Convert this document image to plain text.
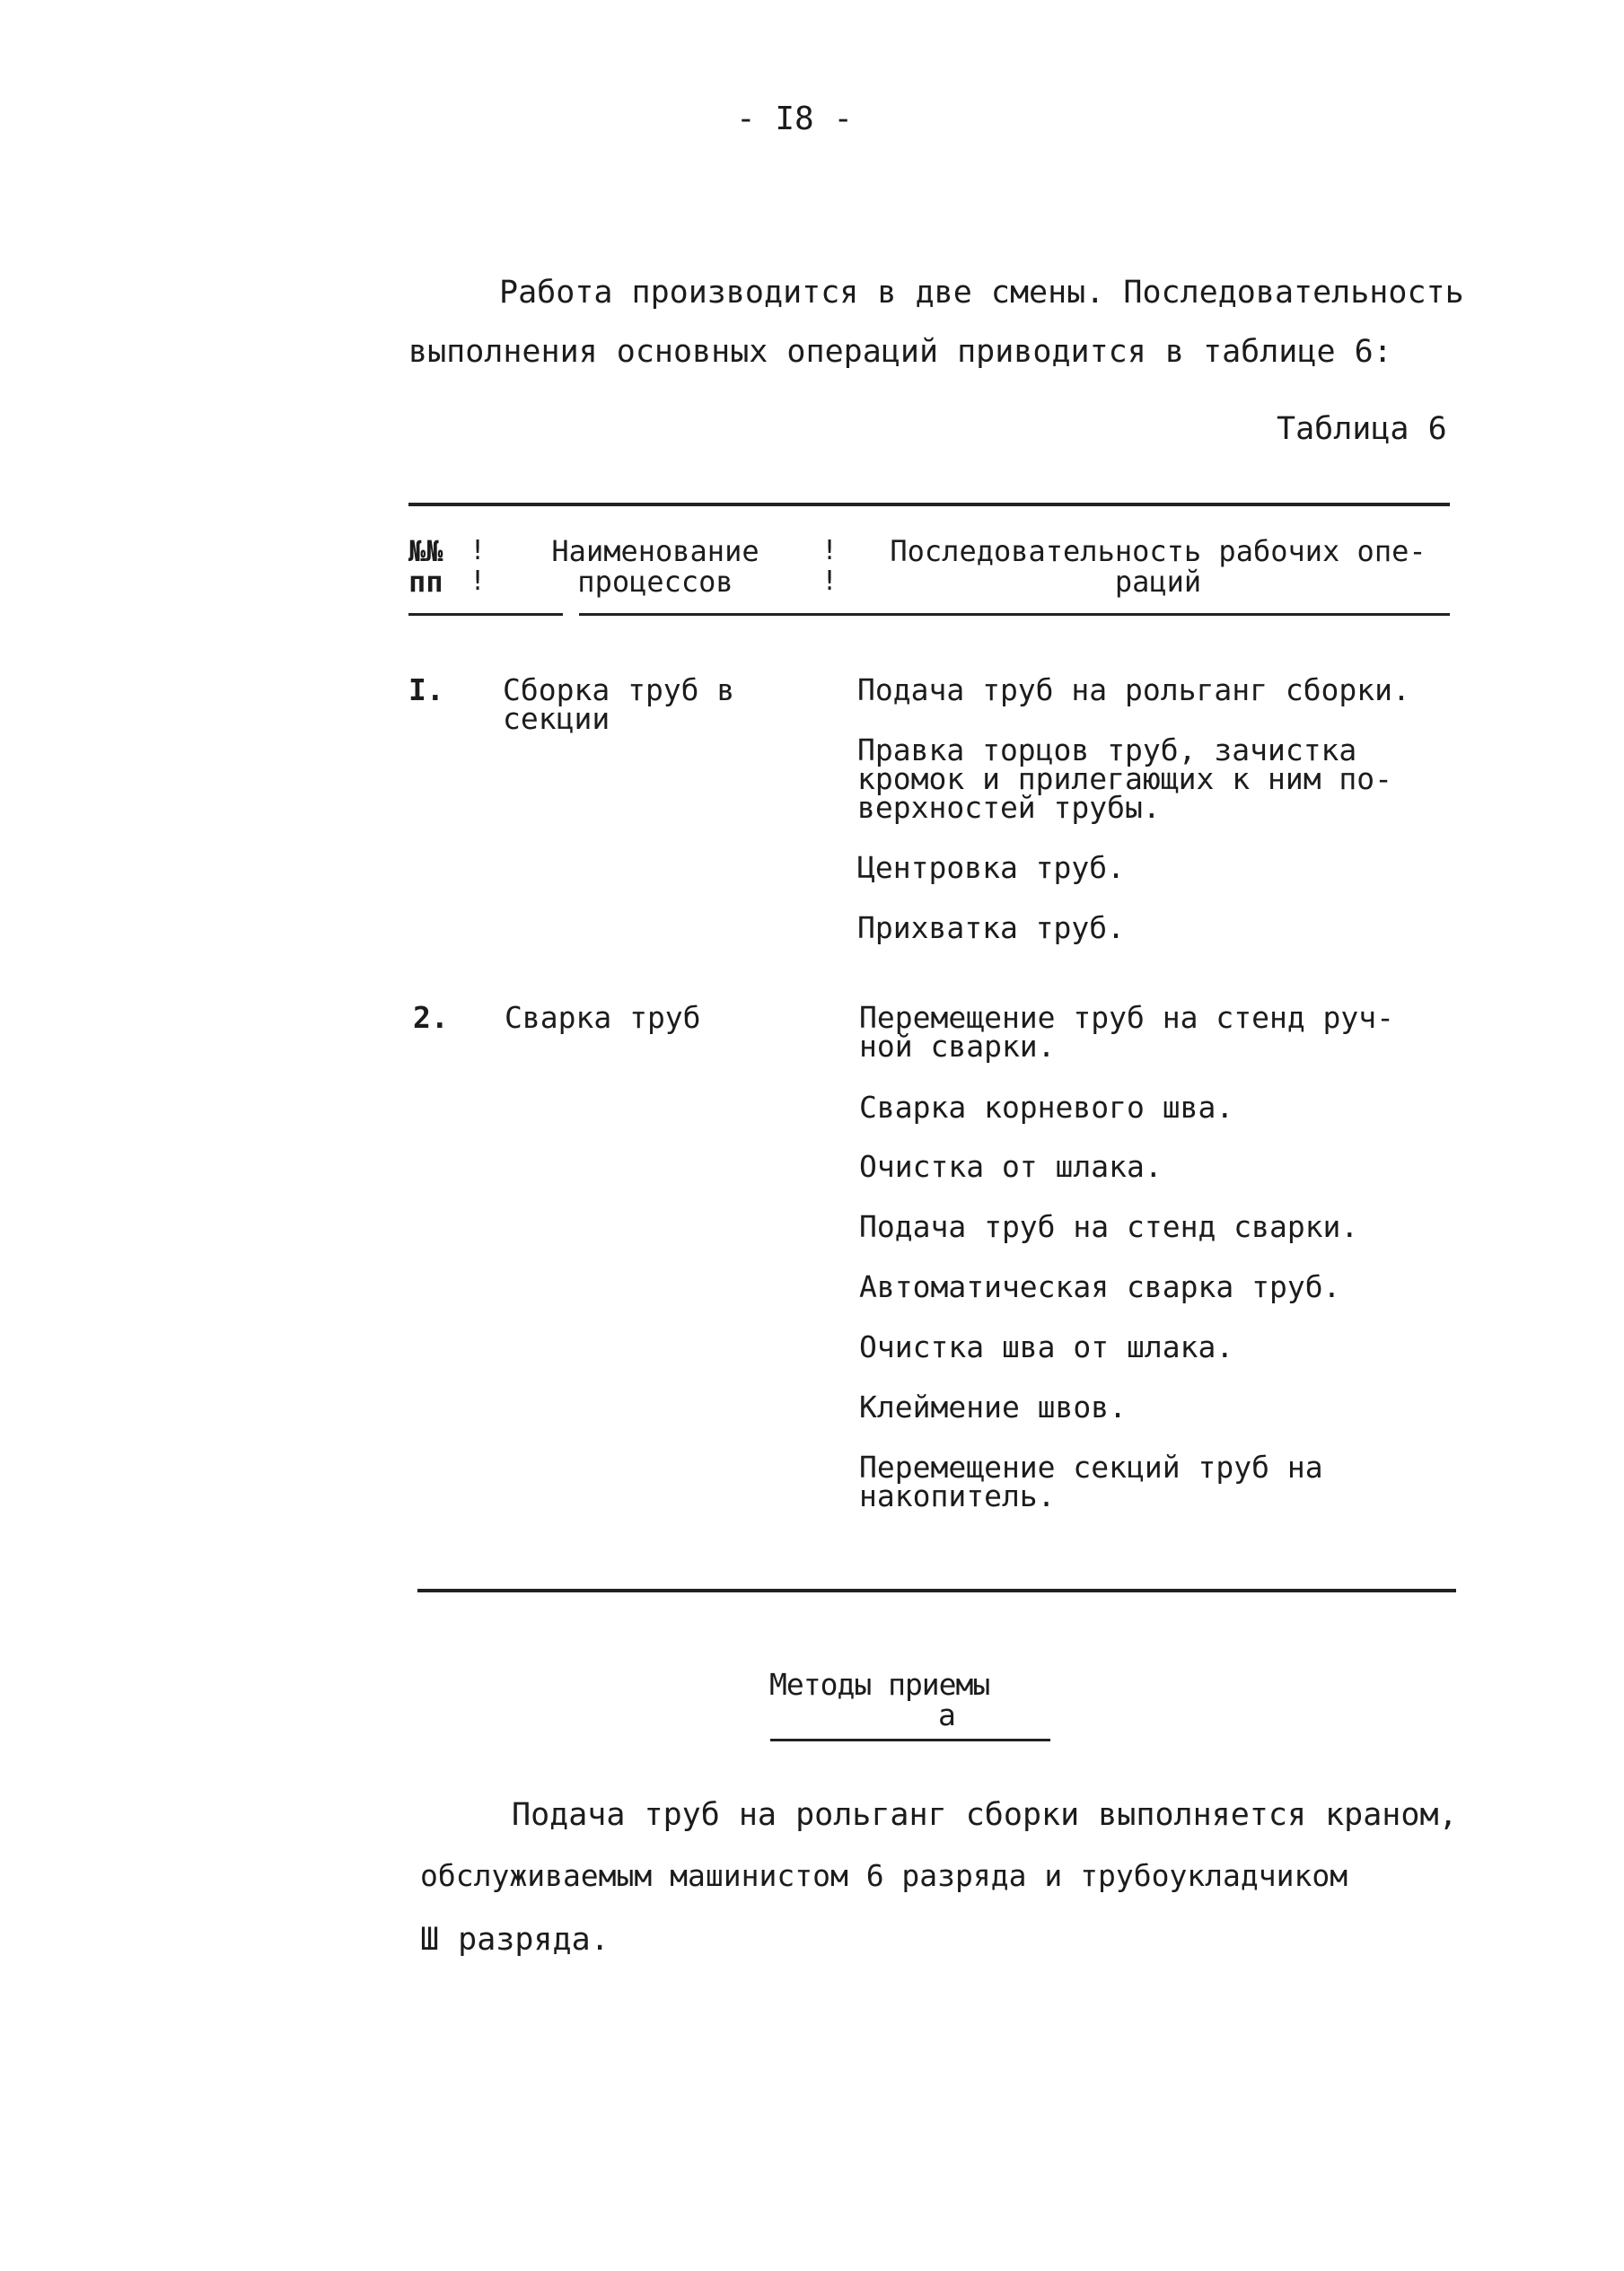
- I8 -
Работа производится в две смены. Последовательность
выполнения основных операций приводится в таблице 6:
Таблица 6
№№
пп
!
!
Наименование
процессов
!
!
Последовательность рабочих опе-
раций
I. Сборка труб в
секции
Подача труб на рольганг сборки.
Правка торцов труб, зачистка
кромок и прилегающих к ним по-
верхностей трубы.
Центровка труб.
Прихватка труб.
2. Сварка труб	Перемещение труб на стенд руч-
ной сварки.
Сварка корневого шва.
Очистка от шлака.
Подача труб на стенд сварки.
Автоматическая сварка труб.
Очистка шва от шлака.
Клеймение швов.
Перемещение секций труб на
накопитель.
Методы приемы
а
Подача труб на рольганг сборки выполняется краном,
обслуживаемым машинистом 6 разряда и трубоукладчиком
Ш разряда.
